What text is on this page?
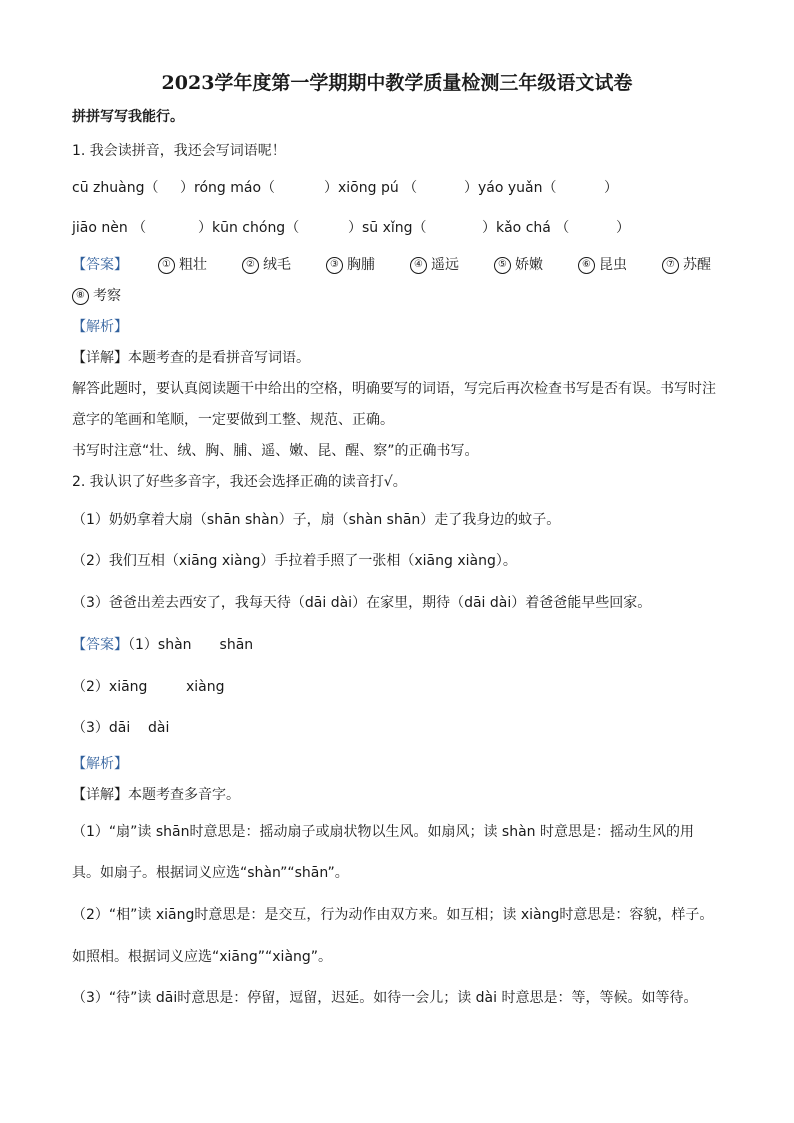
2023学年度第一学期期中教学质量检测三年级语文试卷
拼拼写写我能行。
1. 我会读拼音，我还会写词语呢！
cū zhuàng（ ）róng máo（	）xiōng pú （	）yáo yuǎn（	）
jiāo nèn （	）kūn chóng（	）sū xǐng（	）kǎo chá （	）
【答案】	① 粗壮	② 绒毛	③ 胸脯	④ 遥远	⑤ 娇嫩	⑥ 昆虫	⑦ 苏醒
⑧ 考察
【解析】
【详解】本题考查的是看拼音写词语。
解答此题时，要认真阅读题干中给出的空格，明确要写的词语，写完后再次检查书写是否有误。书写时注
意字的笔画和笔顺，一定要做到工整、规范、正确。
书写时注意“壮、绒、胸、脯、遥、嫩、昆、醒、察”的正确书写。
2. 我认识了好些多音字，我还会选择正确的读音打√。
（1）奶奶拿着大扇（shān shàn）子，扇（shàn shān）走了我身边的蚊子。
（2）我们互相（xiāng xiàng）手拉着手照了一张相（xiāng xiàng）。
（3）爸爸出差去西安了，我每天待（dāi dài）在家里，期待（dāi dài）着爸爸能早些回家。
【答案】（1）shàn shān
（2）xiāng	xiàng
（3）dāi dài
【解析】
【详解】本题考查多音字。
（1）“扇”读 shān时意思是：摇动扇子或扇状物以生风。如扇风；读 shàn 时意思是：摇动生风的用
具。如扇子。根据词义应选“shàn”“shān”。
（2）“相”读 xiāng时意思是：是交互，行为动作由双方来。如互相；读 xiàng时意思是：容貌，样子。
如照相。根据词义应选“xiāng”“xiàng”。
（3）“待”读 dāi时意思是：停留，逗留，迟延。如待一会儿；读 dài 时意思是：等，等候。如等待。
